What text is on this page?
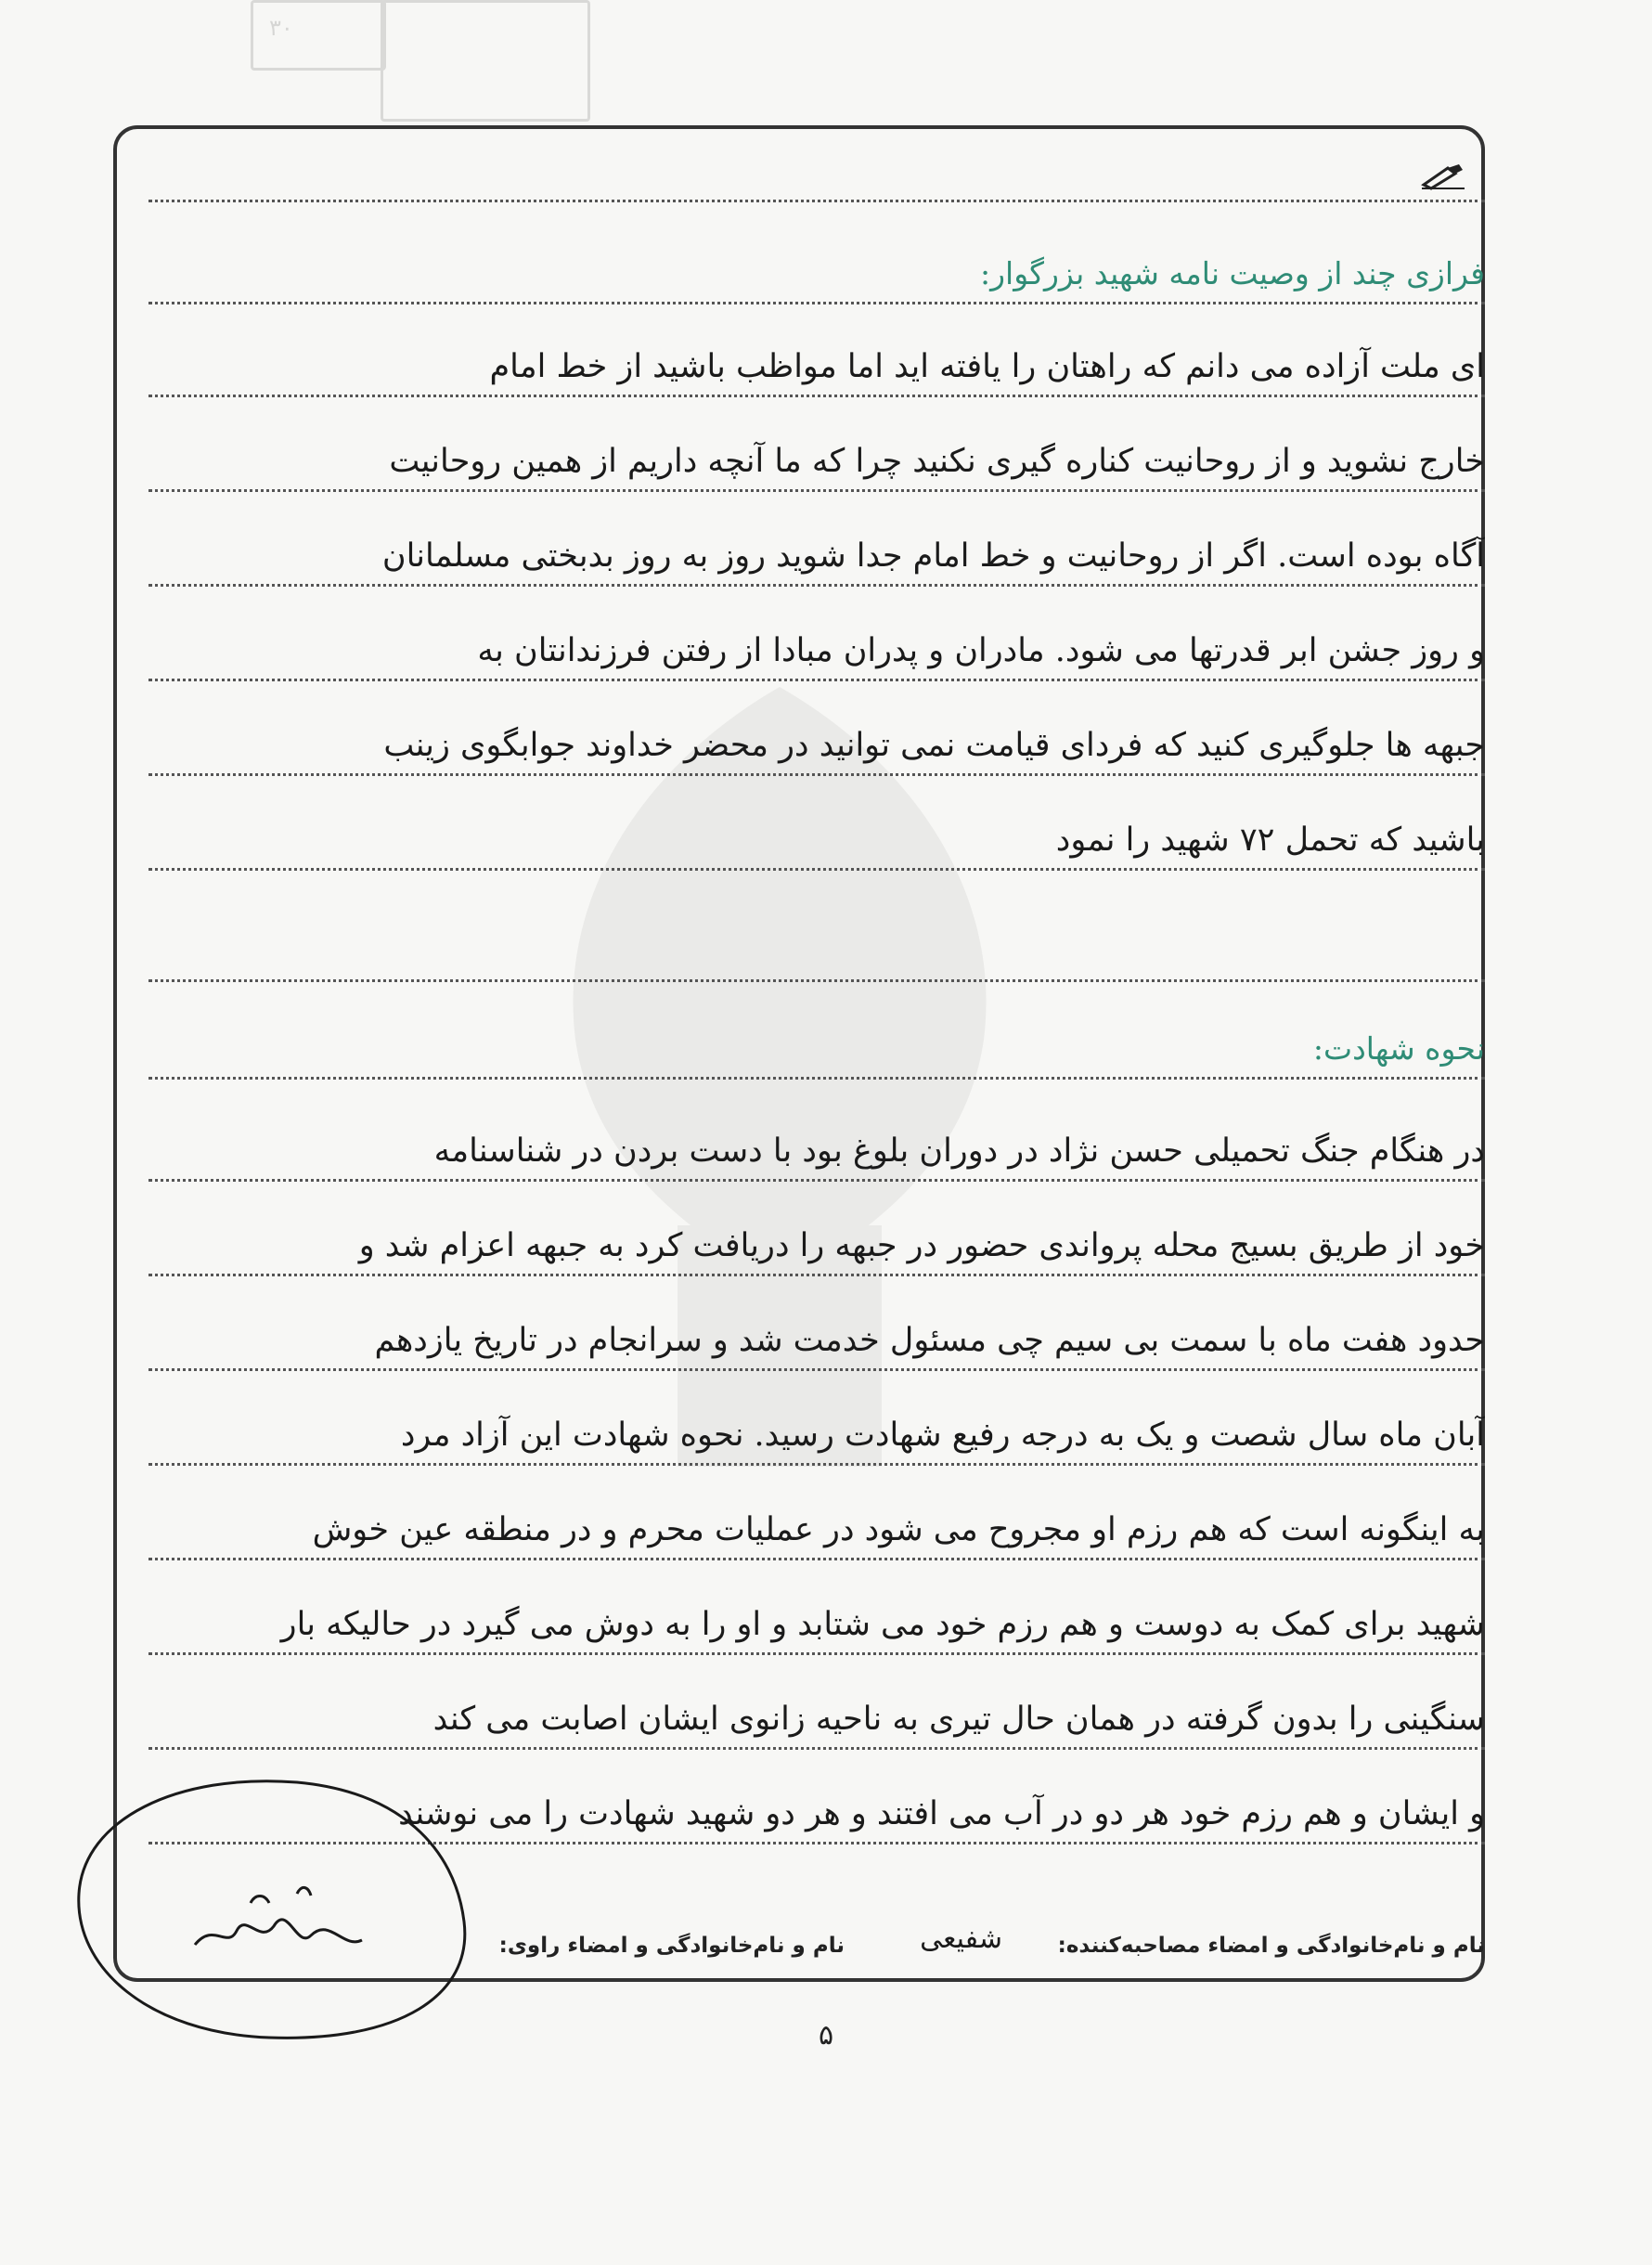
۳۰
فرازی چند از وصیت نامه شهید بزرگوار:
ای ملت آزاده می دانم که راهتان را یافته اید اما مواظب باشید از خط امام
خارج نشوید و از روحانیت کناره گیری نکنید چرا که ما آنچه داریم از همین روحانیت
آگاه بوده است. اگر از روحانیت و خط امام جدا شوید روز به روز بدبختی مسلمانان
و روز جشن ابر قدرتها می شود. مادران و پدران مبادا از رفتن فرزندانتان به
جبهه ها جلوگیری کنید که فردای قیامت نمی توانید در محضر خداوند جوابگوی زینب
باشید که تحمل ۷۲ شهید را نمود
نحوه شهادت:
در هنگام جنگ تحمیلی حسن نژاد در دوران بلوغ بود با دست بردن در شناسنامه
خود از طریق بسیج محله پرواندی حضور در جبهه را دریافت کرد به جبهه اعزام شد و
حدود هفت ماه با سمت بی سیم چی مسئول خدمت شد و سرانجام در تاریخ یازدهم
آبان ماه سال شصت و یک به درجه رفیع شهادت رسید. نحوه شهادت این آزاد مرد
به اینگونه است که هم رزم او مجروح می شود در عملیات محرم و در منطقه عین خوش
شهید برای کمک به دوست و هم رزم خود می شتابد و او را به دوش می گیرد در حالیکه بار
سنگینی را بدون گرفته در همان حال تیری به ناحیه زانوی ایشان اصابت می کند
و ایشان و هم رزم خود هر دو در آب می افتند و هر دو شهید شهادت را می نوشند
نام و نام‌خانوادگی و امضاء مصاحبه‌کننده:
شفیعی
نام و نام‌خانوادگی و امضاء راوی:
۵
